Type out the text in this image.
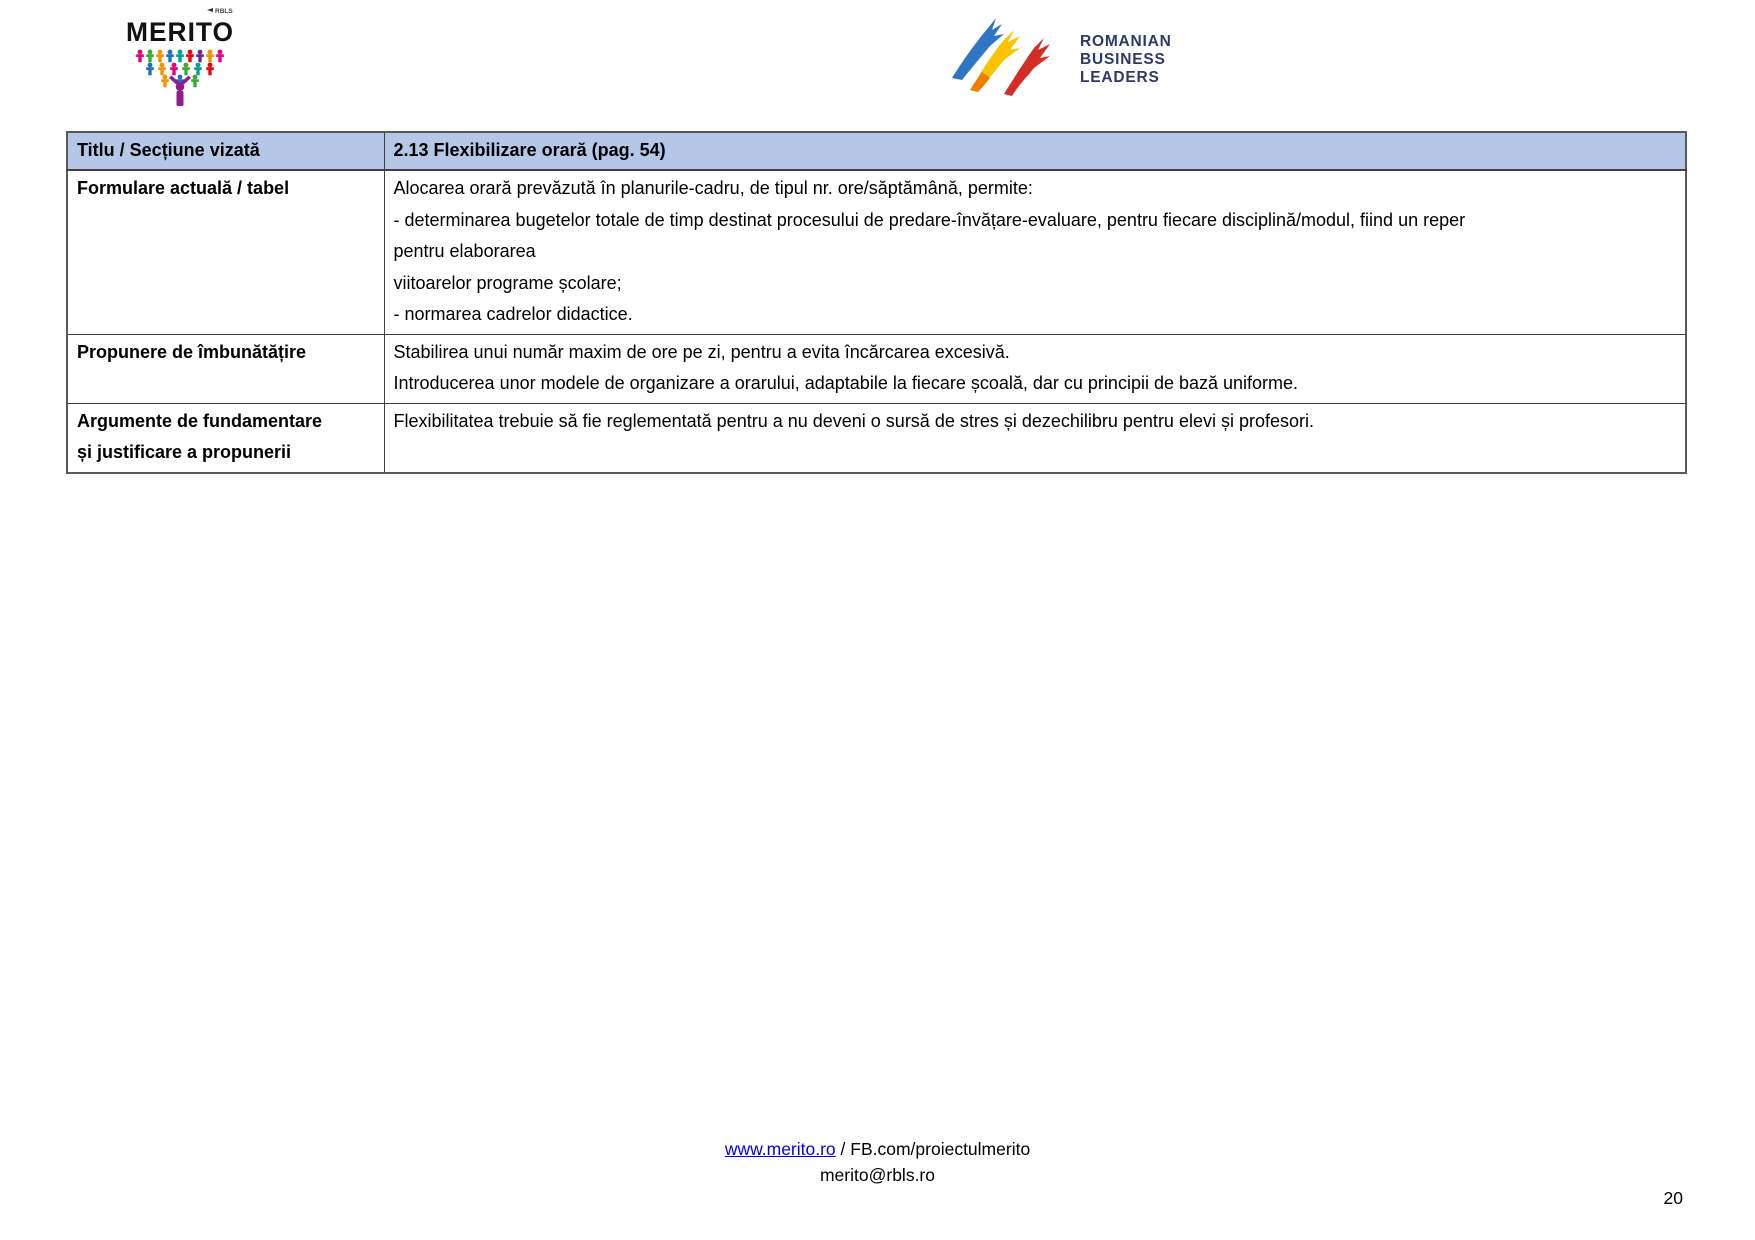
RBLS
MERITO	ROMANIAN
BUSINESS
LEADERS
Titlu / Secțiune vizată	2.13 Flexibilizare orară (pag. 54)

Formulare actuală / tabel	Alocarea orară prevăzută în planurile-cadru, de tipul nr. ore/săptămână, permite:
- determinarea bugetelor totale de timp destinat procesului de predare-învățare-evaluare, pentru fiecare disciplină/modul, fiind un reper
pentru elaborarea
viitoarelor programe școlare;
- normarea cadrelor didactice.

Propunere de îmbunătățire	Stabilirea unui număr maxim de ore pe zi, pentru a evita încărcarea excesivă.
Introducerea unor modele de organizare a orarului, adaptabile la fiecare școală, dar cu principii de bază uniforme.

Argumente de fundamentare
și justificare a propunerii	Flexibilitatea trebuie să fie reglementată pentru a nu deveni o sursă de stres și dezechilibru pentru elevi și profesori.
www.merito.ro / FB.com/proiectulmerito
merito@rbls.ro
20
